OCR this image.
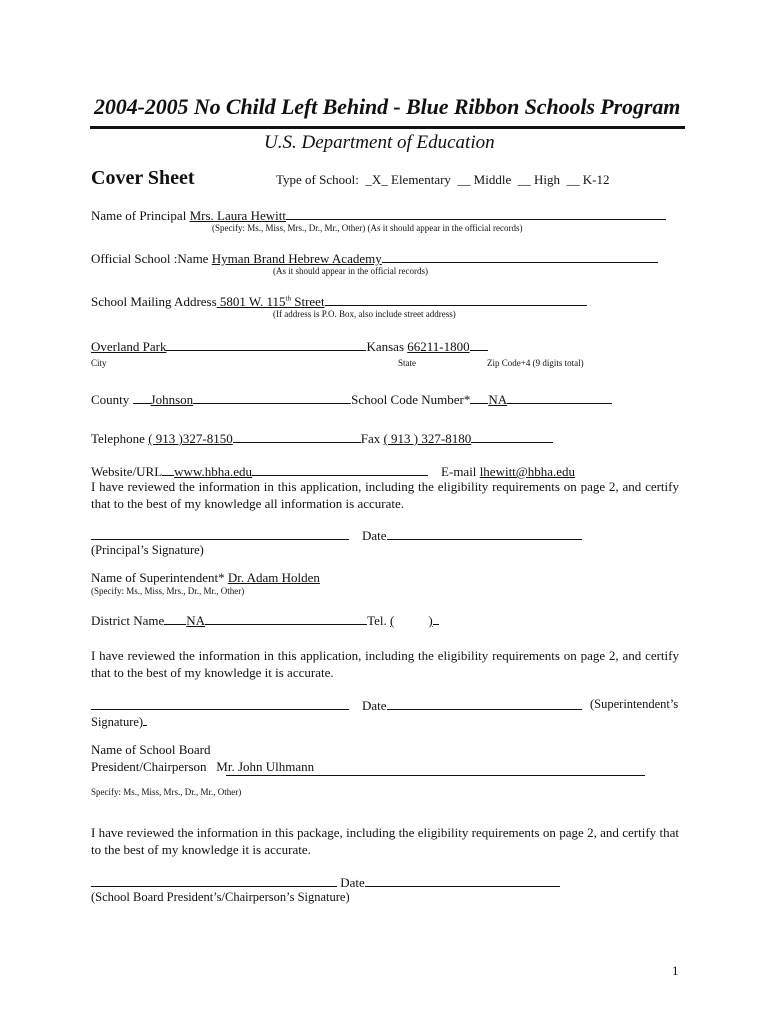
2004-2005 No Child Left Behind - Blue Ribbon Schools Program
U.S. Department of Education
Cover Sheet	Type of School:  _X_ Elementary  __ Middle  __ High  __ K-12
Name of Principal Mrs. Laura Hewitt
(Specify: Ms., Miss, Mrs., Dr., Mr., Other) (As it should appear in the official records)
Official School :Name Hyman Brand Hebrew Academy
(As it should appear in the official records)
School Mailing Address 5801 W. 115th Street
(If address is P.O. Box, also include street address)
Overland Park	Kansas 66211-1800
City	State	Zip Code+4 (9 digits total)
County Johnson	School Code Number* NA
Telephone ( 913 )327-8150	Fax ( 913 ) 327-8180
Website/URL www.hbha.edu	E-mail lhewitt@hbha.edu
I have reviewed the information in this application, including the eligibility requirements on page 2, and certify that to the best of my knowledge all information is accurate.
Date
(Principal’s Signature)
Name of Superintendent* Dr. Adam Holden
(Specify: Ms., Miss, Mrs., Dr., Mr., Other)
District Name NA	Tel. (	)
I have reviewed the information in this application, including the eligibility requirements on page 2, and certify that to the best of my knowledge it is accurate.
Date	(Superintendent’s
Signature)
Name of School Board
President/Chairperson Mr. John Ulhmann
Specify: Ms., Miss, Mrs., Dr., Mr., Other)
I have reviewed the information in this package, including the eligibility requirements on page 2, and certify that to the best of my knowledge it is accurate.
Date
(School Board President’s/Chairperson’s Signature)
1
